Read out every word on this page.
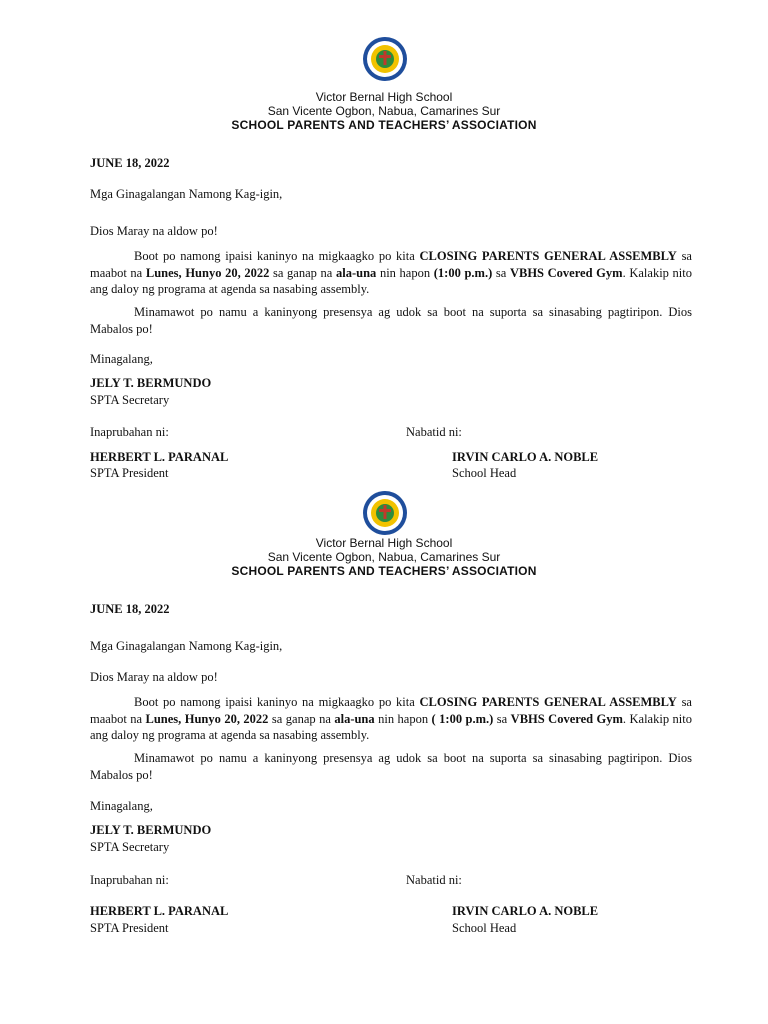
Victor Bernal High School
San Vicente Ogbon, Nabua, Camarines Sur
SCHOOL PARENTS AND TEACHERS’ ASSOCIATION
JUNE 18, 2022
Mga Ginagalangan Namong Kag-igin,
Dios Maray na aldow po!
Boot po namong ipaisi kaninyo na migkaagko po kita CLOSING PARENTS GENERAL ASSEMBLY sa maabot na Lunes, Hunyo 20, 2022 sa ganap na ala-una nin hapon (1:00 p.m.) sa VBHS Covered Gym. Kalakip nito ang daloy ng programa at agenda sa nasabing assembly.
Minamawot po namu a kaninyong presensya ag udok sa boot na suporta sa sinasabing pagtiripon. Dios Mabalos po!
Minagalang,
JELY T. BERMUNDO
SPTA Secretary
Inaprubahan ni:	Nabatid ni:
HERBERT L. PARANAL
SPTA President
IRVIN CARLO A. NOBLE
School Head
Victor Bernal High School
San Vicente Ogbon, Nabua, Camarines Sur
SCHOOL PARENTS AND TEACHERS’ ASSOCIATION
JUNE 18, 2022
Mga Ginagalangan Namong Kag-igin,
Dios Maray na aldow po!
Boot po namong ipaisi kaninyo na migkaagko po kita CLOSING PARENTS GENERAL ASSEMBLY sa maabot na Lunes, Hunyo 20, 2022 sa ganap na ala-una nin hapon ( 1:00 p.m.) sa VBHS Covered Gym. Kalakip nito ang daloy ng programa at agenda sa nasabing assembly.
Minamawot po namu a kaninyong presensya ag udok sa boot na suporta sa sinasabing pagtiripon. Dios Mabalos po!
Minagalang,
JELY T. BERMUNDO
SPTA Secretary
Inaprubahan ni:	Nabatid ni:
HERBERT L. PARANAL
SPTA President
IRVIN CARLO A. NOBLE
School Head
